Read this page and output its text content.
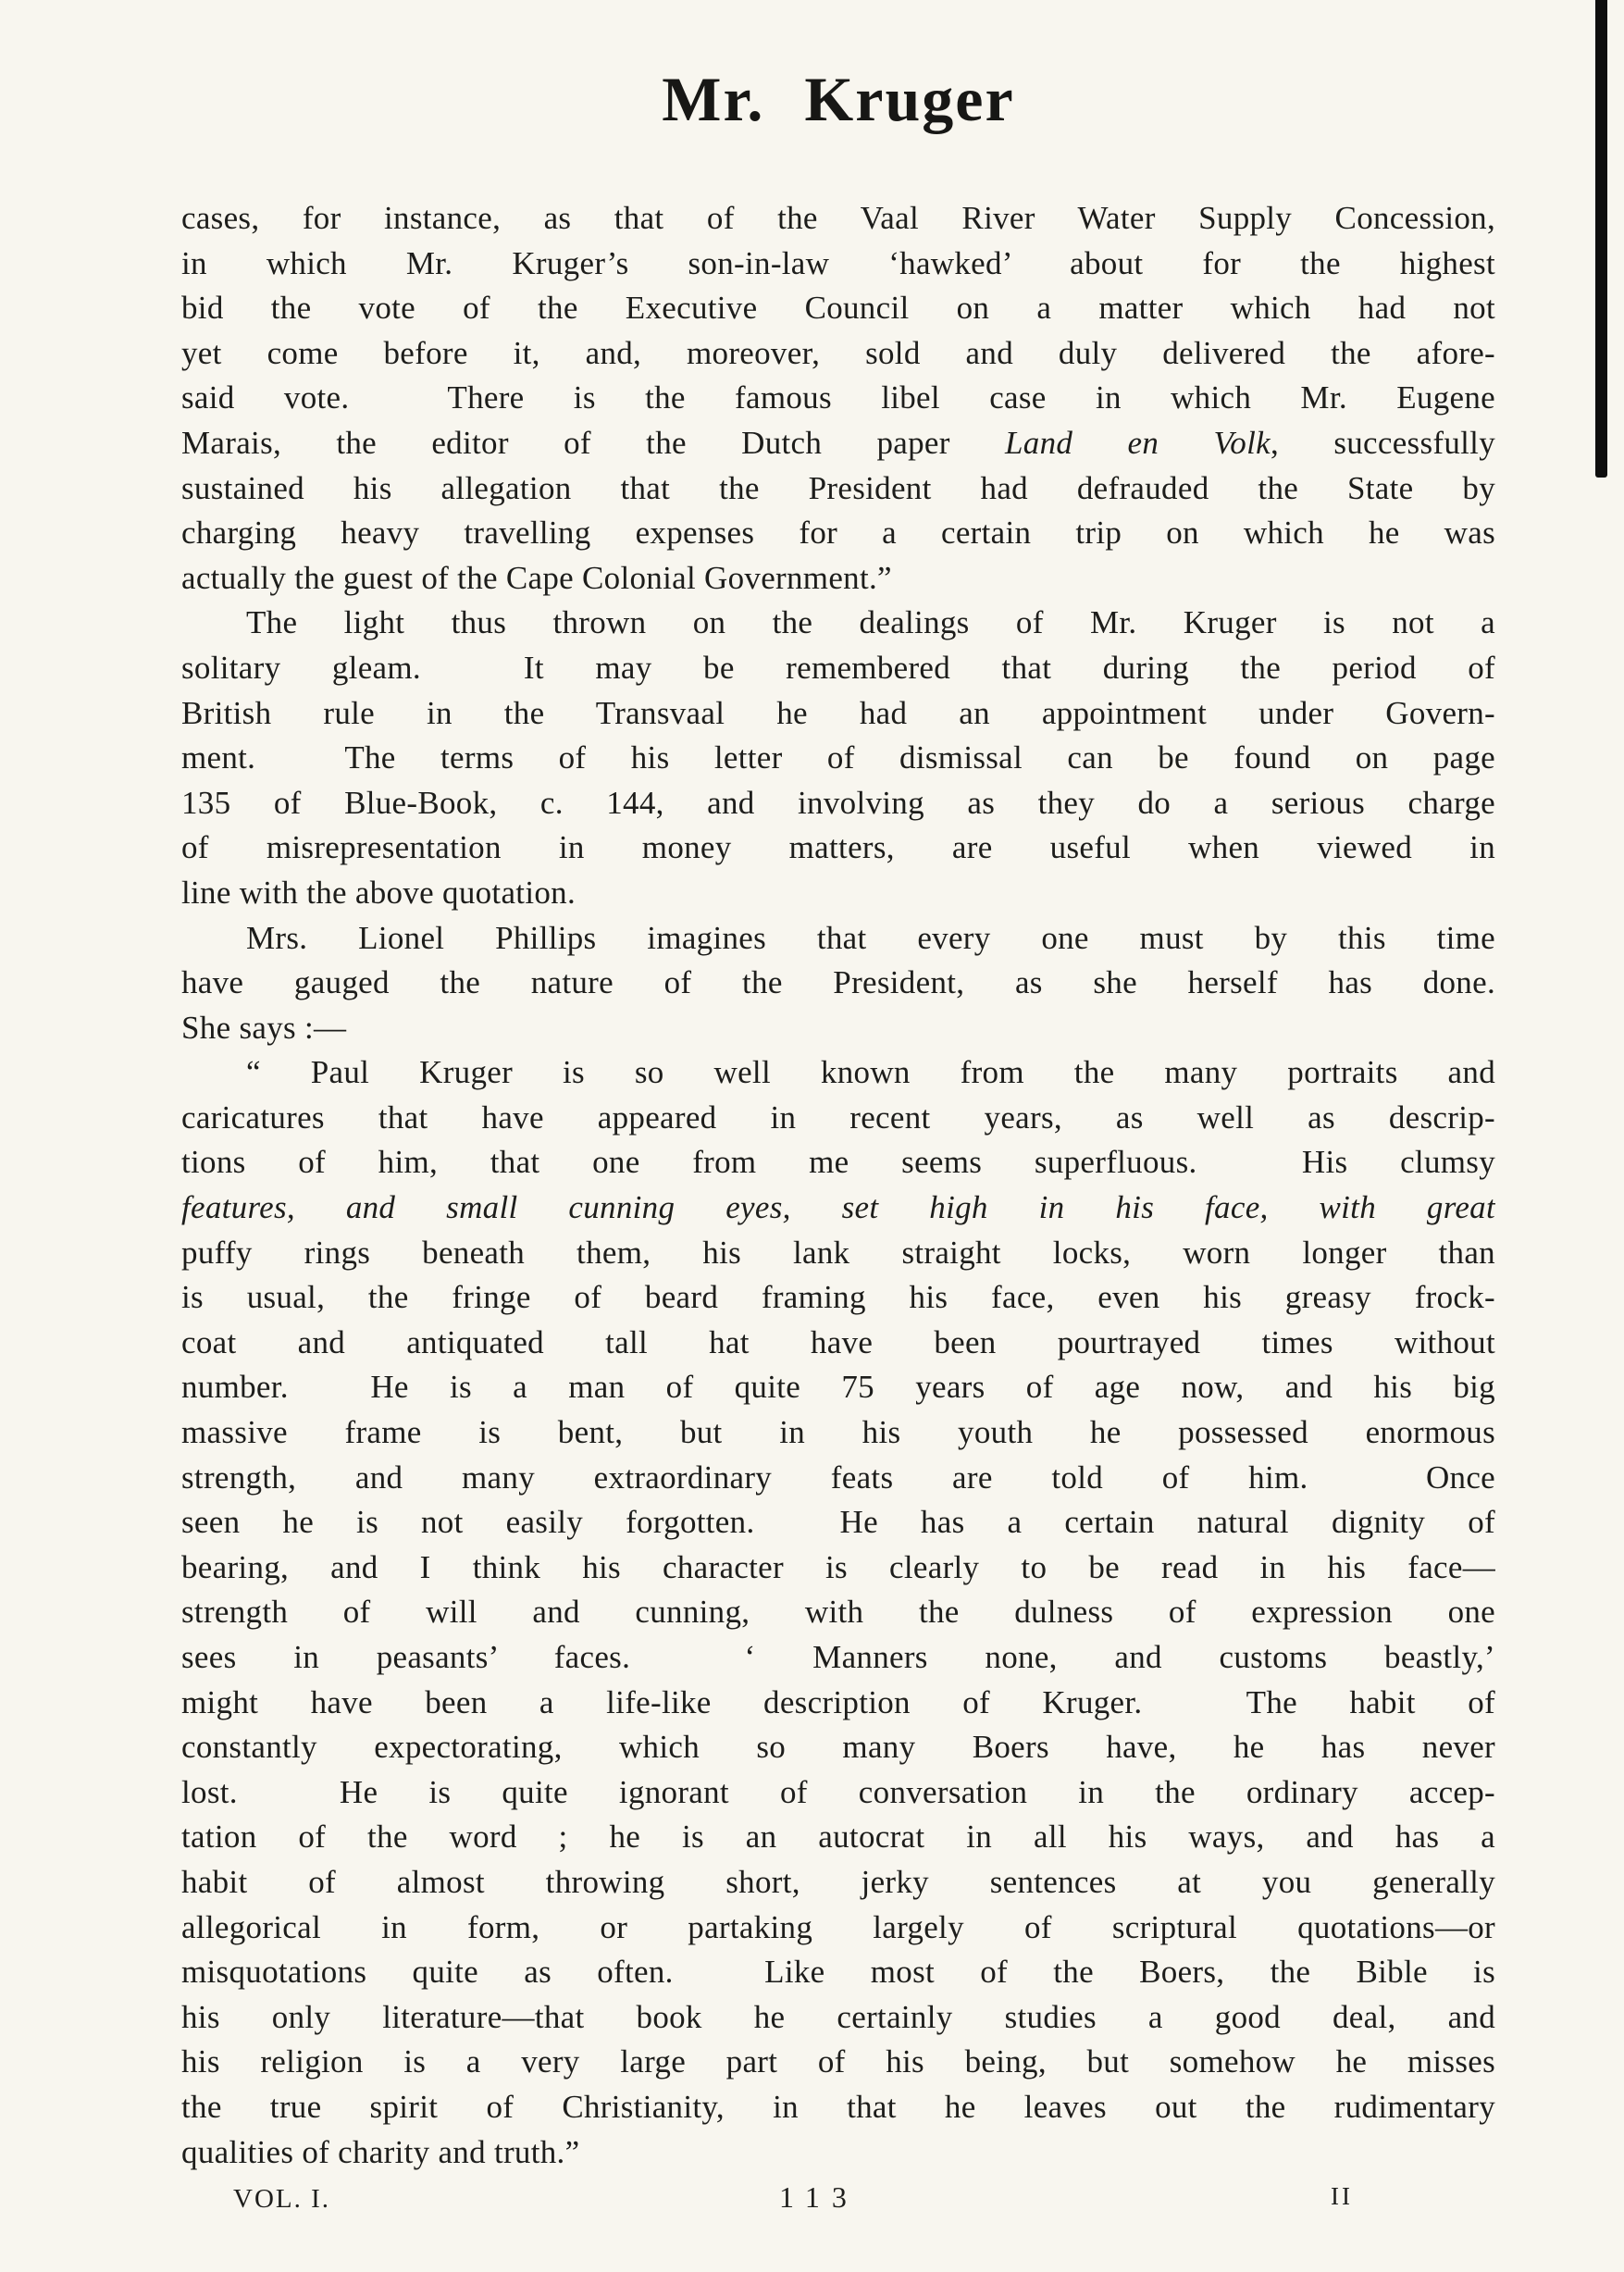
Mr. Kruger
cases, for instance, as that of the Vaal River Water Supply Concession,
in which Mr. Kruger’s son-in-law ‘hawked’ about for the highest
bid the vote of the Executive Council on a matter which had not
yet come before it, and, moreover, sold and duly delivered the afore-
said vote.  There is the famous libel case in which Mr. Eugene
Marais, the editor of the Dutch paper Land en Volk, successfully
sustained his allegation that the President had defrauded the State by
charging heavy travelling expenses for a certain trip on which he was
actually the guest of the Cape Colonial Government.”
The light thus thrown on the dealings of Mr. Kruger is not a
solitary gleam.  It may be remembered that during the period of
British rule in the Transvaal he had an appointment under Govern-
ment.  The terms of his letter of dismissal can be found on page
135 of Blue-Book, c. 144, and involving as they do a serious charge
of misrepresentation in money matters, are useful when viewed in
line with the above quotation.
Mrs. Lionel Phillips imagines that every one must by this time
have gauged the nature of the President, as she herself has done.
She says :—
“ Paul Kruger is so well known from the many portraits and
caricatures that have appeared in recent years, as well as descrip-
tions of him, that one from me seems superfluous.  His clumsy
features, and small cunning eyes, set high in his face, with great
puffy rings beneath them, his lank straight locks, worn longer than
is usual, the fringe of beard framing his face, even his greasy frock-
coat and antiquated tall hat have been pourtrayed times without
number.  He is a man of quite 75 years of age now, and his big
massive frame is bent, but in his youth he possessed enormous
strength, and many extraordinary feats are told of him.  Once
seen he is not easily forgotten.  He has a certain natural dignity of
bearing, and I think his character is clearly to be read in his face—
strength of will and cunning, with the dulness of expression one
sees in peasants’ faces.  ‘ Manners none, and customs beastly,’
might have been a life-like description of Kruger.  The habit of
constantly expectorating, which so many Boers have, he has never
lost.  He is quite ignorant of conversation in the ordinary accep-
tation of the word ; he is an autocrat in all his ways, and has a
habit of almost throwing short, jerky sentences at you generally
allegorical in form, or partaking largely of scriptural quotations—or
misquotations quite as often.  Like most of the Boers, the Bible is
his only literature—that book he certainly studies a good deal, and
his religion is a very large part of his being, but somehow he misses
the true spirit of Christianity, in that he leaves out the rudimentary
qualities of charity and truth.”
VOL. I.	113	II
